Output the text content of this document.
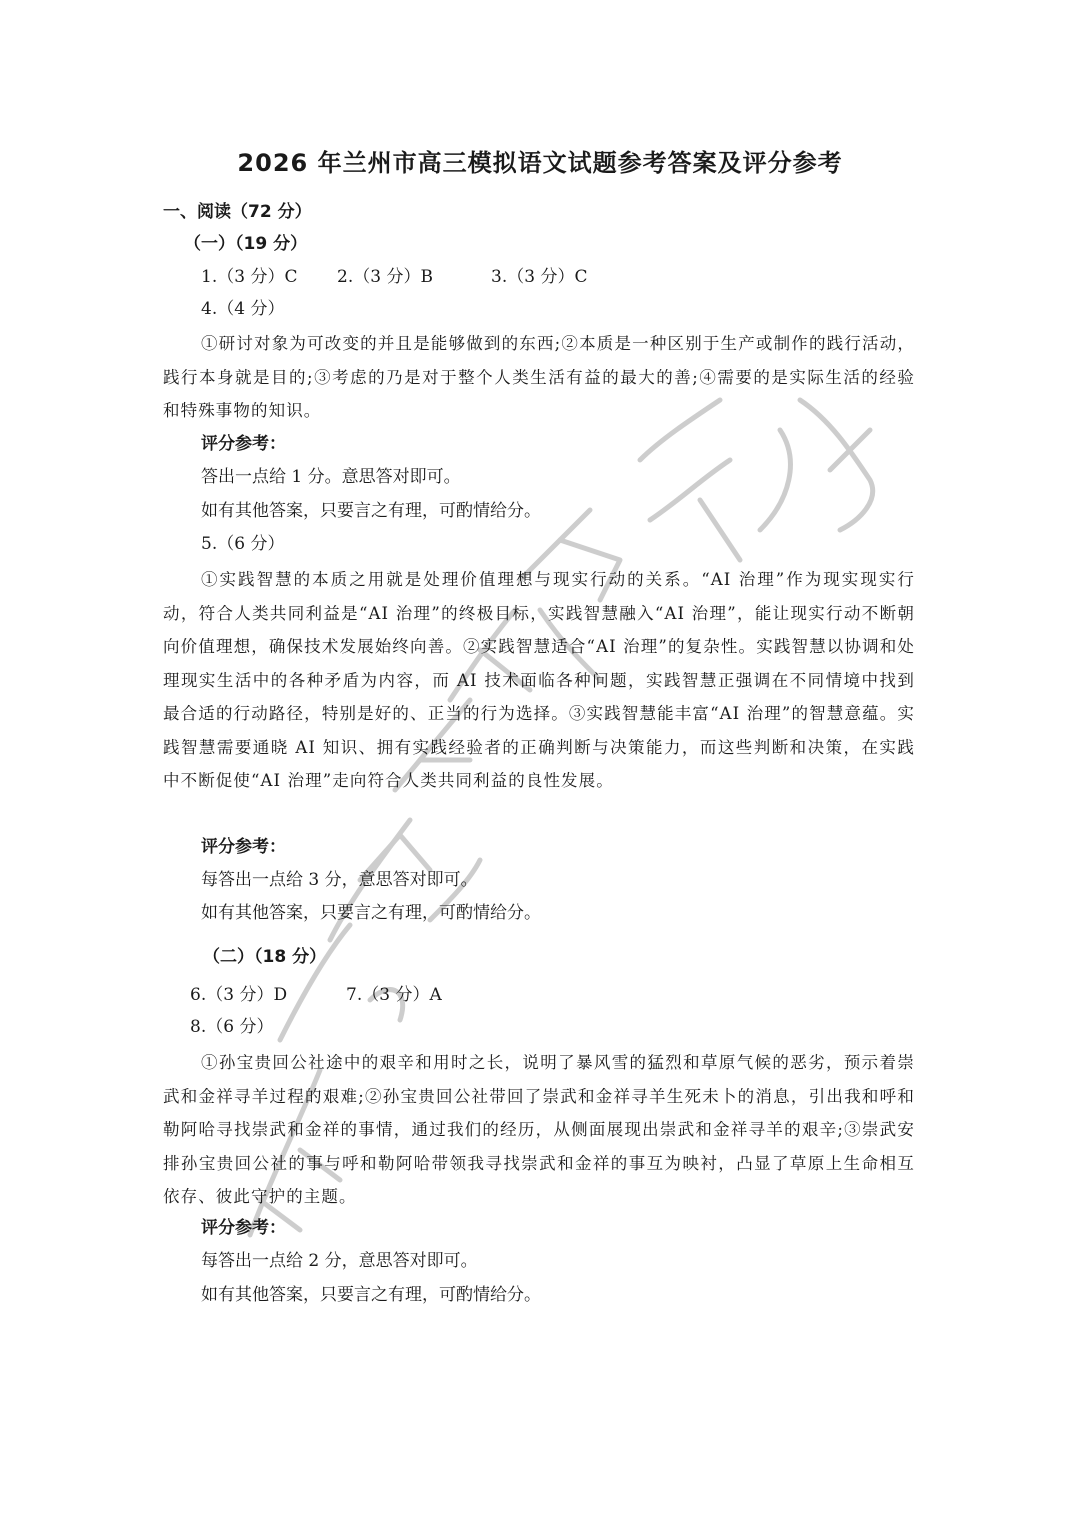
2026 年兰州市高三模拟语文试题参考答案及评分参考
一、阅读（72 分）
（一）（19 分）
1.（3 分）C 2.（3 分）B	3.（3 分）C
4.（4 分）
①研讨对象为可改变的并且是能够做到的东西;②本质是一种区别于生产或制作的践行活动，践行本身就是目的;③考虑的乃是对于整个人类生活有益的最大的善;④需要的是实际生活的经验和特殊事物的知识。
评分参考：
答出一点给 1 分。意思答对即可。
如有其他答案，只要言之有理，可酌情给分。
5.（6 分）
①实践智慧的本质之用就是处理价值理想与现实行动的关系。“AI 治理”作为现实现实行动，符合人类共同利益是“AI 治理”的终极目标，实践智慧融入“AI 治理”，能让现实行动不断朝向价值理想，确保技术发展始终向善。②实践智慧适合“AI 治理”的复杂性。实践智慧以协调和处理现实生活中的各种矛盾为内容，而 AI 技术面临各种问题，实践智慧正强调在不同情境中找到最合适的行动路径，特别是好的、正当的行为选择。③实践智慧能丰富“AI 治理”的智慧意蕴。实践智慧需要通晓 AI 知识、拥有实践经验者的正确判断与决策能力，而这些判断和决策，在实践中不断促使“AI 治理”走向符合人类共同利益的良性发展。
评分参考：
每答出一点给 3 分，意思答对即可。
如有其他答案，只要言之有理，可酌情给分。
（二）（18 分）
6.（3 分）D	7.（3 分）A
8.（6 分）
①孙宝贵回公社途中的艰辛和用时之长，说明了暴风雪的猛烈和草原气候的恶劣，预示着崇武和金祥寻羊过程的艰难;②孙宝贵回公社带回了崇武和金祥寻羊生死未卜的消息，引出我和呼和勒阿哈寻找崇武和金祥的事情，通过我们的经历，从侧面展现出崇武和金祥寻羊的艰辛;③崇武安排孙宝贵回公社的事与呼和勒阿哈带领我寻找崇武和金祥的事互为映衬，凸显了草原上生命相互依存、彼此守护的主题。
评分参考：
每答出一点给 2 分，意思答对即可。
如有其他答案，只要言之有理，可酌情给分。
